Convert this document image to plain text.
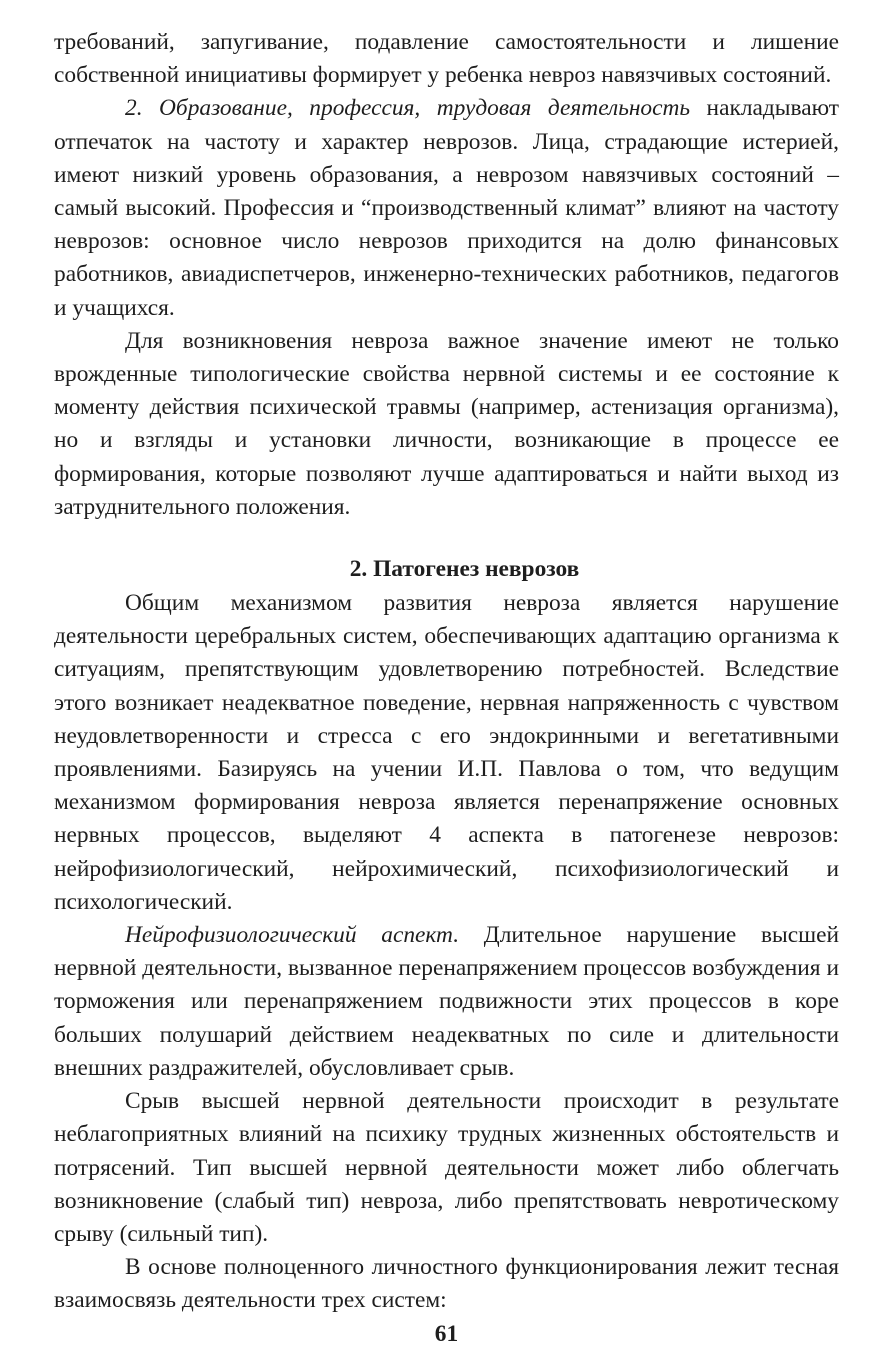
требований, запугивание, подавление самостоятельности и лишение собственной инициативы формирует у ребенка невроз навязчивых состояний.

2. Образование, профессия, трудовая деятельность накладывают отпечаток на частоту и характер неврозов. Лица, страдающие истерией, имеют низкий уровень образования, а неврозом навязчивых состояний – самый высокий. Профессия и “производственный климат” влияют на частоту неврозов: основное число неврозов приходится на долю финансовых работников, авиадиспетчеров, инженерно-технических работников, педагогов и учащихся.

Для возникновения невроза важное значение имеют не только врожденные типологические свойства нервной системы и ее состояние к моменту действия психической травмы (например, астенизация организма), но и взгляды и установки личности, возникающие в процессе ее формирования, которые позволяют лучше адаптироваться и найти выход из затруднительного положения.

2. Патогенез неврозов

Общим механизмом развития невроза является нарушение деятельности церебральных систем, обеспечивающих адаптацию организма к ситуациям, препятствующим удовлетворению потребностей. Вследствие этого возникает неадекватное поведение, нервная напряженность с чувством неудовлетворенности и стресса с его эндокринными и вегетативными проявлениями. Базируясь на учении И.П. Павлова о том, что ведущим механизмом формирования невроза является перенапряжение основных нервных процессов, выделяют 4 аспекта в патогенезе неврозов: нейрофизиологический, нейрохимический, психофизиологический и психологический.

Нейрофизиологический аспект. Длительное нарушение высшей нервной деятельности, вызванное перенапряжением процессов возбуждения и торможения или перенапряжением подвижности этих процессов в коре больших полушарий действием неадекватных по силе и длительности внешних раздражителей, обусловливает срыв.

Срыв высшей нервной деятельности происходит в результате неблагоприятных влияний на психику трудных жизненных обстоятельств и потрясений. Тип высшей нервной деятельности может либо облегчать возникновение (слабый тип) невроза, либо препятствовать невротическому срыву (сильный тип).

В основе полноценного личностного функционирования лежит тесная взаимосвязь деятельности трех систем:

61
